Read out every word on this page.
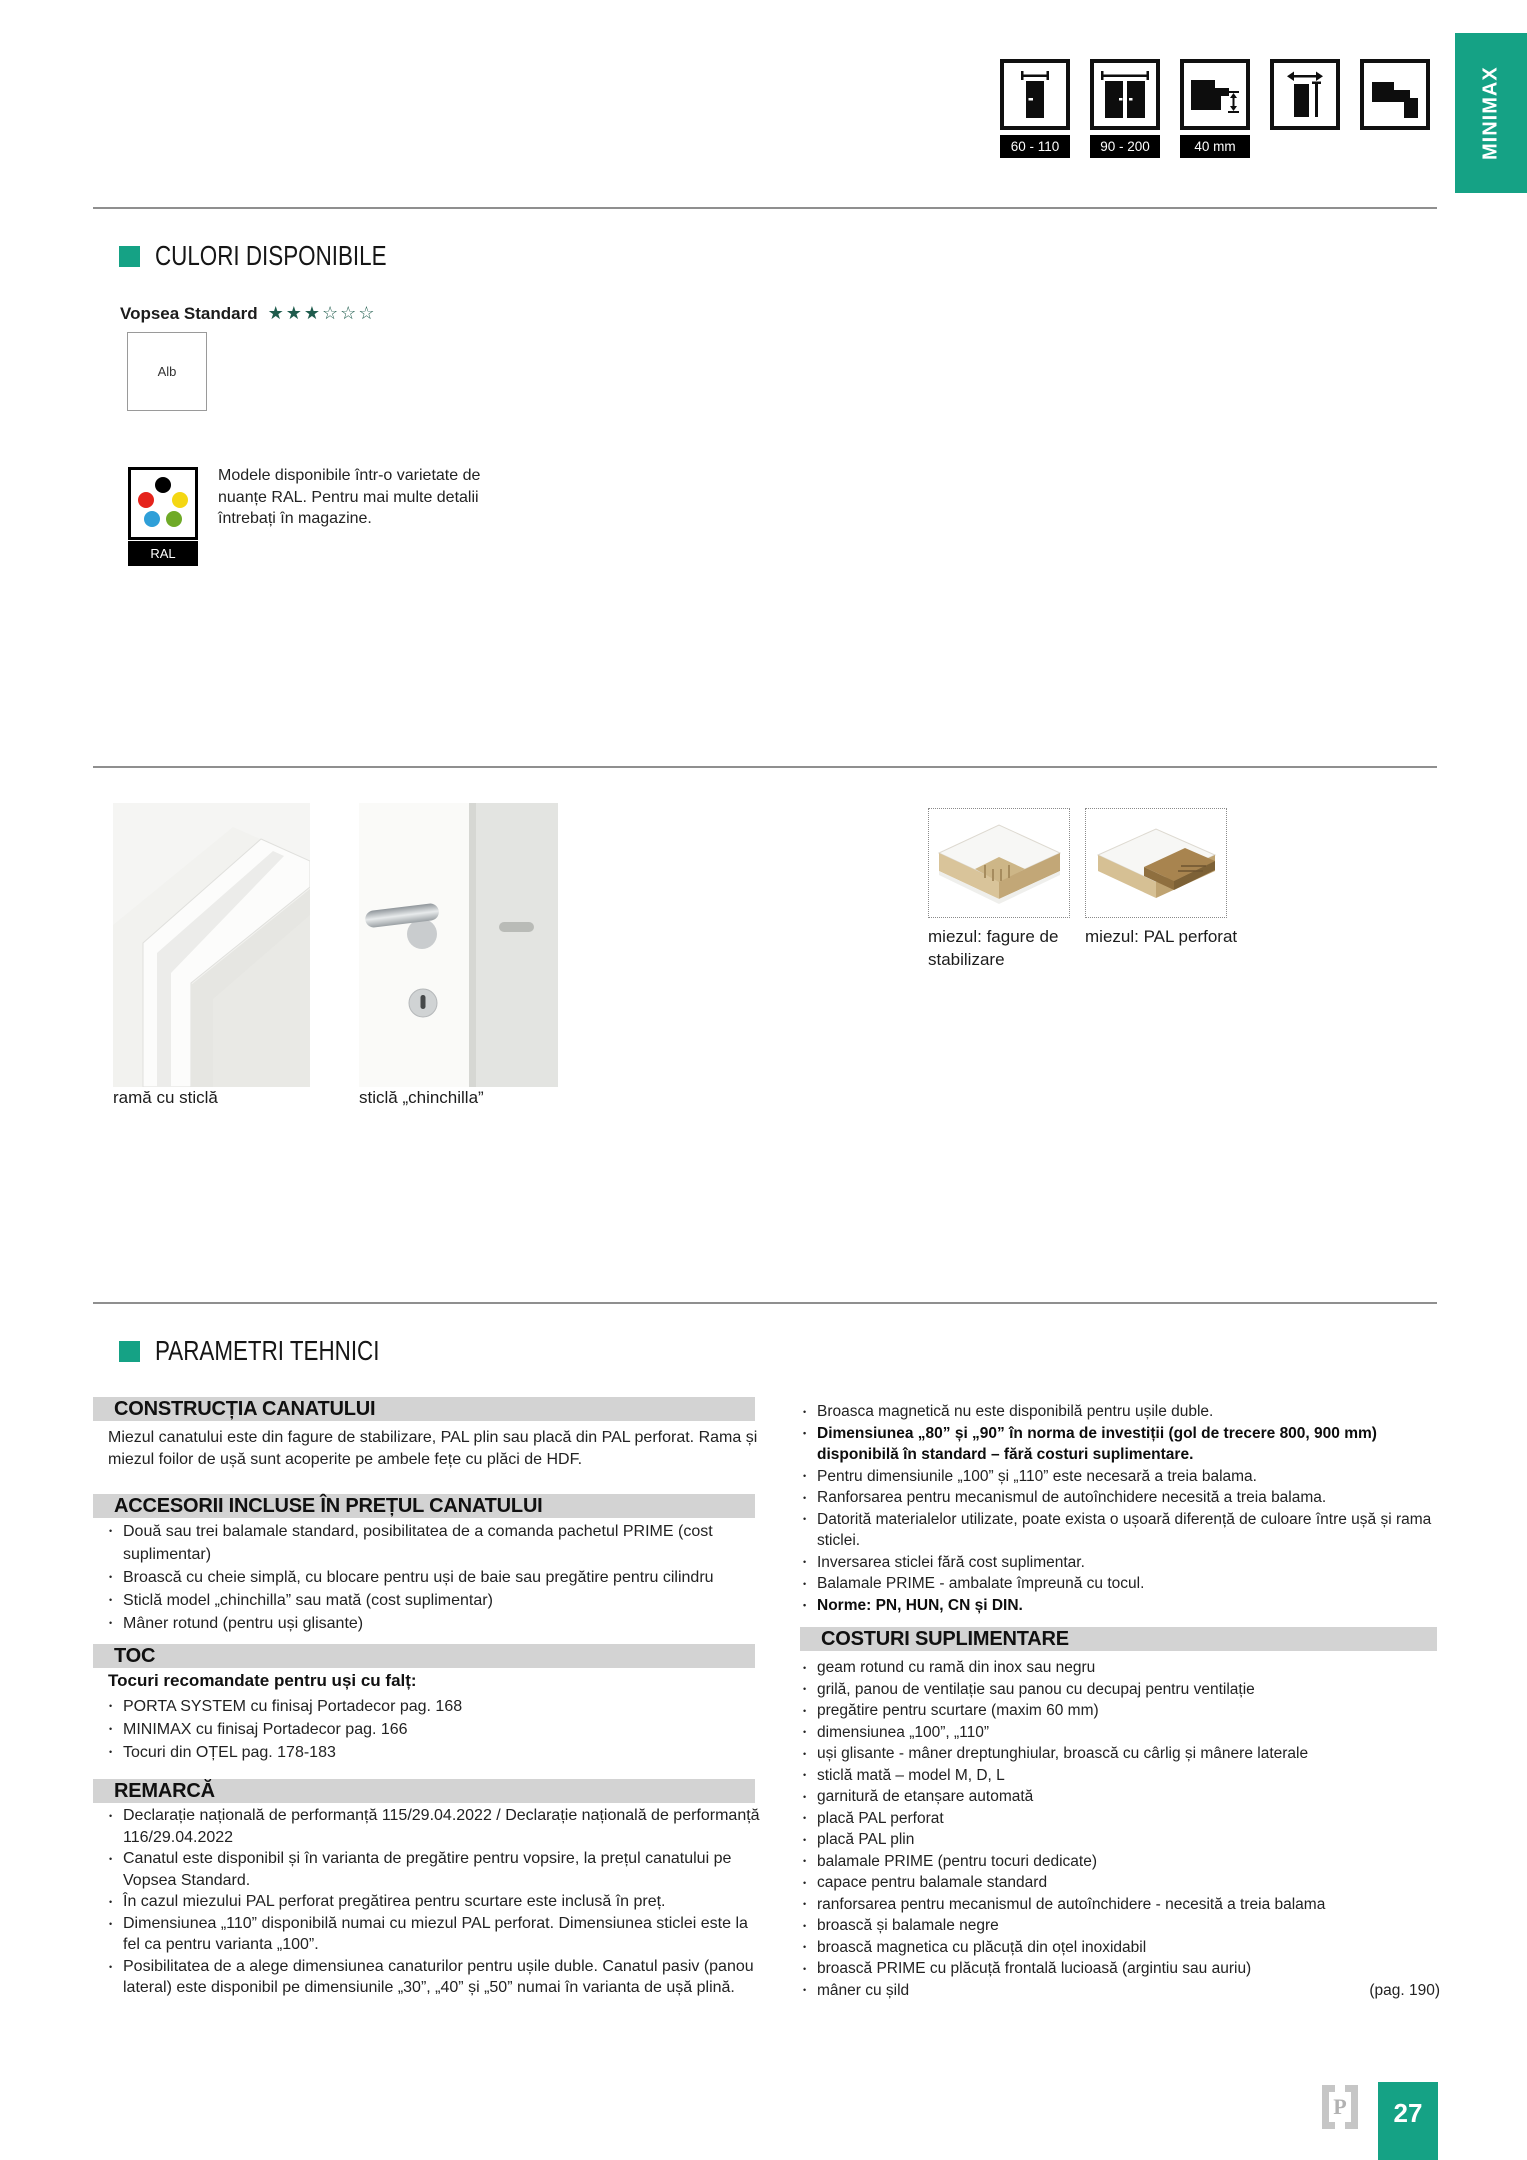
60 - 110	90 - 200	40 mm	MINIMAX
CULORI DISPONIBILE
Vopsea Standard ★★★☆☆☆
Alb
RAL
Modele disponibile într-o varietate de nuanțe RAL. Pentru mai multe detalii întrebați în magazine.
ramă cu sticlă	sticlă „chinchilla”
miezul: fagure de stabilizare
miezul: PAL perforat
PARAMETRI TEHNICI
CONSTRUCȚIA CANATULUI
Miezul canatului este din fagure de stabilizare, PAL plin sau placă din PAL perforat. Rama și miezul foilor de ușă sunt acoperite pe ambele fețe cu plăci de HDF.
ACCESORII INCLUSE ÎN PREȚUL CANATULUI
• Două sau trei balamale standard, posibilitatea de a comanda pachetul PRIME (cost suplimentar)
• Broască cu cheie simplă, cu blocare pentru uși de baie sau pregătire pentru cilindru
• Sticlă model „chinchilla” sau mată (cost suplimentar)
• Mâner rotund (pentru uși glisante)
TOC
Tocuri recomandate pentru uși cu falț:
• PORTA SYSTEM cu finisaj Portadecor pag. 168
• MINIMAX cu finisaj Portadecor pag. 166
• Tocuri din OȚEL pag. 178-183
REMARCĂ
• Declarație națională de performanță 115/29.04.2022 / Declarație națională de performanță 116/29.04.2022
• Canatul este disponibil și în varianta de pregătire pentru vopsire, la prețul canatului pe Vopsea Standard.
• În cazul miezului PAL perforat pregătirea pentru scurtare este inclusă în preț.
• Dimensiunea „110” disponibilă numai cu miezul PAL perforat. Dimensiunea sticlei este la fel ca pentru varianta „100”.
• Posibilitatea de a alege dimensiunea canaturilor pentru ușile duble. Canatul pasiv (panou lateral) este disponibil pe dimensiunile „30”, „40” și „50” numai în varianta de ușă plină.
• Broasca magnetică nu este disponibilă pentru ușile duble.
• Dimensiunea „80” și „90” în norma de investiții (gol de trecere 800, 900 mm) disponibilă în standard – fără costuri suplimentare.
• Pentru dimensiunile „100” și „110” este necesară a treia balama.
• Ranforsarea pentru mecanismul de autoînchidere necesită a treia balama.
• Datorită materialelor utilizate, poate exista o ușoară diferență de culoare între ușă și rama sticlei.
• Inversarea sticlei fără cost suplimentar.
• Balamale PRIME - ambalate împreună cu tocul.
• Norme: PN, HUN, CN și DIN.
COSTURI SUPLIMENTARE
• geam rotund cu ramă din inox sau negru
• grilă, panou de ventilație sau panou cu decupaj pentru ventilație
• pregătire pentru scurtare (maxim 60 mm)
• dimensiunea „100”, „110”
• uși glisante - mâner dreptunghiular, broască cu cârlig și mânere laterale
• sticlă mată – model M, D, L
• garnitură de etanșare automată
• placă PAL perforat
• placă PAL plin
• balamale PRIME (pentru tocuri dedicate)
• capace pentru balamale standard
• ranforsarea pentru mecanismul de autoînchidere - necesită a treia balama
• broască și balamale negre
• broască magnetica cu plăcuță din oțel inoxidabil
• broască PRIME cu plăcuță frontală lucioasă (argintiu sau auriu)
• mâner cu șild	(pag. 190)
P	27
